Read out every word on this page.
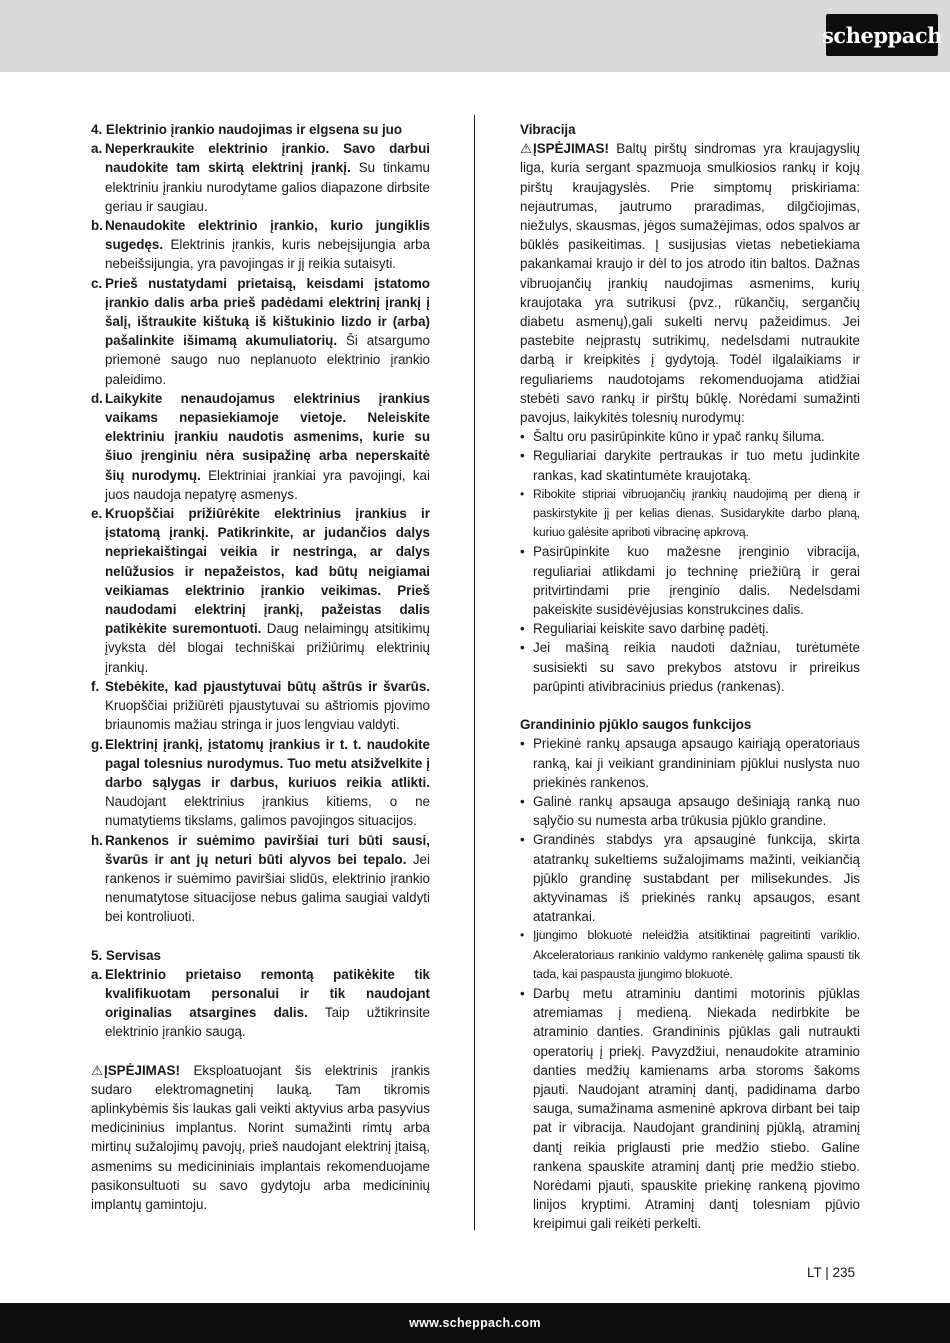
scheppach
4. Elektrinio įrankio naudojimas ir elgsena su juo
a. Neperkraukite elektrinio įrankio. Savo darbui naudokite tam skirtą elektrinį įrankį. Su tinkamu elektriniu įrankiu nurodytame galios diapazone dirbsite geriau ir saugiau.
b. Nenaudokite elektrinio įrankio, kurio jungiklis sugedęs. Elektrinis įrankis, kuris nebeįsijungia arba nebeišsijungia, yra pavojingas ir jį reikia sutaisyti.
c. Prieš nustatydami prietaisą, keisdami įstatomo įrankio dalis arba prieš padėdami elektrinį įrankį į šalį, ištraukite kištuką iš kištukinio lizdo ir (arba) pašalinkite išimamą akumuliatorių. Ši atsargumo priemonė saugo nuo neplanuoto elektrinio įrankio paleidimo.
d. Laikykite nenaudojamus elektrinius įrankius vaikams nepasiekiamoje vietoje. Neleiskite elektriniu įrankiu naudotis asmenims, kurie su šiuo įrenginiu nėra susipažinę arba neperskaitė šių nurodymų. Elektriniai įrankiai yra pavojingi, kai juos naudoja nepatyrę asmenys.
e. Kruopščiai prižiūrėkite elektrinius įrankius ir įstatomą įrankį. Patikrinkite, ar judančios dalys nepriekaištingai veikia ir nestringa, ar dalys nelūžusios ir nepažeistos, kad būtų neigiamai veikiamas elektrinio įrankio veikimas. Prieš naudodami elektrinį įrankį, pažeistas dalis patikėkite suremontuoti. Daug nelaimingų atsitikimų įvyksta dėl blogai techniškai prižiūrimų elektrinių įrankių.
f. Stebėkite, kad pjaustytuvai būtų aštrūs ir švarūs. Kruopščiai prižiūrėti pjaustytuvai su aštriomis pjovimo briaunomis mažiau stringa ir juos lengviau valdyti.
g. Elektrinį įrankį, įstatomų įrankius ir t. t. naudokite pagal tolesnius nurodymus. Tuo metu atsižvelkite į darbo sąlygas ir darbus, kuriuos reikia atlikti. Naudojant elektrinius įrankius kitiems, o ne numatytiems tikslams, galimos pavojingos situacijos.
h. Rankenos ir suėmimo paviršiai turi būti sausi, švarūs ir ant jų neturi būti alyvos bei tepalo. Jei rankenos ir suėmimo paviršiai slidūs, elektrinio įrankio nenumatytose situacijose nebus galima saugiai valdyti bei kontroliuoti.
5. Servisas
a. Elektrinio prietaiso remontą patikėkite tik kvalifikuotam personalui ir tik naudojant originalias atsargines dalis. Taip užtikrinsite elektrinio įrankio saugą.

⚠ĮSPĖJIMAS! Eksploatuojant šis elektrinis įrankis sudaro elektromagnetinį lauką. Tam tikromis aplinkybėmis šis laukas gali veikti aktyvius arba pasyvius medicininius implantus. Norint sumažinti rimtų arba mirtinų sužalojimų pavojų, prieš naudojant elektrinį įtaisą, asmenims su medicininiais implantais rekomenduojame pasikonsultuoti su savo gydytoju arba medicininių implantų gamintoju.

Vibracija

⚠ĮSPĖJIMAS! Baltų pirštų sindromas yra kraujagyslių liga, kuria sergant spazmuoja smulkiosios rankų ir kojų pirštų kraujagyslės. Prie simptomų priskiriama: nejautrumas, jautrumo praradimas, dilgčiojimas, niežulys, skausmas, jėgos sumažėjimas, odos spalvos ar būklės pasikeitimas. Į susijusias vietas nebetiekiama pakankamai kraujo ir dėl to jos atrodo itin baltos. Dažnas vibruojančių įrankių naudojimas asmenims, kurių kraujotaka yra sutrikusi (pvz., rūkančių, sergančių diabetu asmenų),gali sukelti nervų pažeidimus. Jei pastebite neįprastų sutrikimų, nedelsdami nutraukite darbą ir kreipkitės į gydytoją. Todėl ilgalaikiams ir reguliariems naudotojams rekomenduojama atidžiai stebėti savo rankų ir pirštų būklę. Norėdami sumažinti pavojus, laikykitės tolesnių nurodymų:

• Šaltu oru pasirūpinkite kūno ir ypač rankų šiluma.
• Reguliariai darykite pertraukas ir tuo metu judinkite rankas, kad skatintumėte kraujotaką.
• Ribokite stipriai vibruojančių įrankių naudojimą per dieną ir paskirstykite jį per kelias dienas. Susidarykite darbo planą, kuriuo galėsite apriboti vibracinę apkrovą.
• Pasirūpinkite kuo mažesne įrenginio vibracija, reguliariai atlikdami jo techninę priežiūrą ir gerai pritvirtindami prie įrenginio dalis. Nedelsdami pakeiskite susidėvėjusias konstrukcines dalis.
• Reguliariai keiskite savo darbinę padėtį.
• Jei mašiną reikia naudoti dažniau, turėtumėte susisiekti su savo prekybos atstovu ir prireikus parūpinti ativibracinius priedus (rankenas).
Grandininio pjūklo saugos funkcijos
• Priekinė rankų apsauga apsaugo kairiąją operatoriaus ranką, kai ji veikiant grandininiam pjūklui nuslysta nuo priekinės rankenos.
• Galinė rankų apsauga apsaugo dešiniąją ranką nuo sąlyčio su numesta arba trūkusia pjūklo grandine.
• Grandinės stabdys yra apsauginė funkcija, skirta atatrankų sukeltiems sužalojimams mažinti, veikiančią pjūklo grandinę sustabdant per milisekundes. Jis aktyvinamas iš priekinės rankų apsaugos, esant atatrankai.
• Įjungimo blokuotė neleidžia atsitiktinai pagreitinti variklio. Akceleratoriaus rankinio valdymo rankenėlę galima spausti tik tada, kai paspausta įjungimo blokuotė.
• Darbų metu atraminiu dantimi motorinis pjūklas atremiamas į medieną. Niekada nedirbkite be atraminio danties. Grandininis pjūklas gali nutraukti operatorių į priekį. Pavyzdžiui, nenaudokite atraminio danties medžių kamienams arba storoms šakoms pjauti. Naudojant atraminį dantį, padidinama darbo sauga, sumažinama asmeninė apkrova dirbant bei taip pat ir vibracija. Naudojant grandininį pjūklą, atraminį dantį reikia priglausti prie medžio stiebo. Galine rankena spauskite atraminį dantį prie medžio stiebo. Norėdami pjauti, spauskite priekinę rankeną pjovimo linijos kryptimi. Atraminį dantį tolesniam pjūvio kreipimui gali reikėti perkelti.
LT | 235
www.scheppach.com
